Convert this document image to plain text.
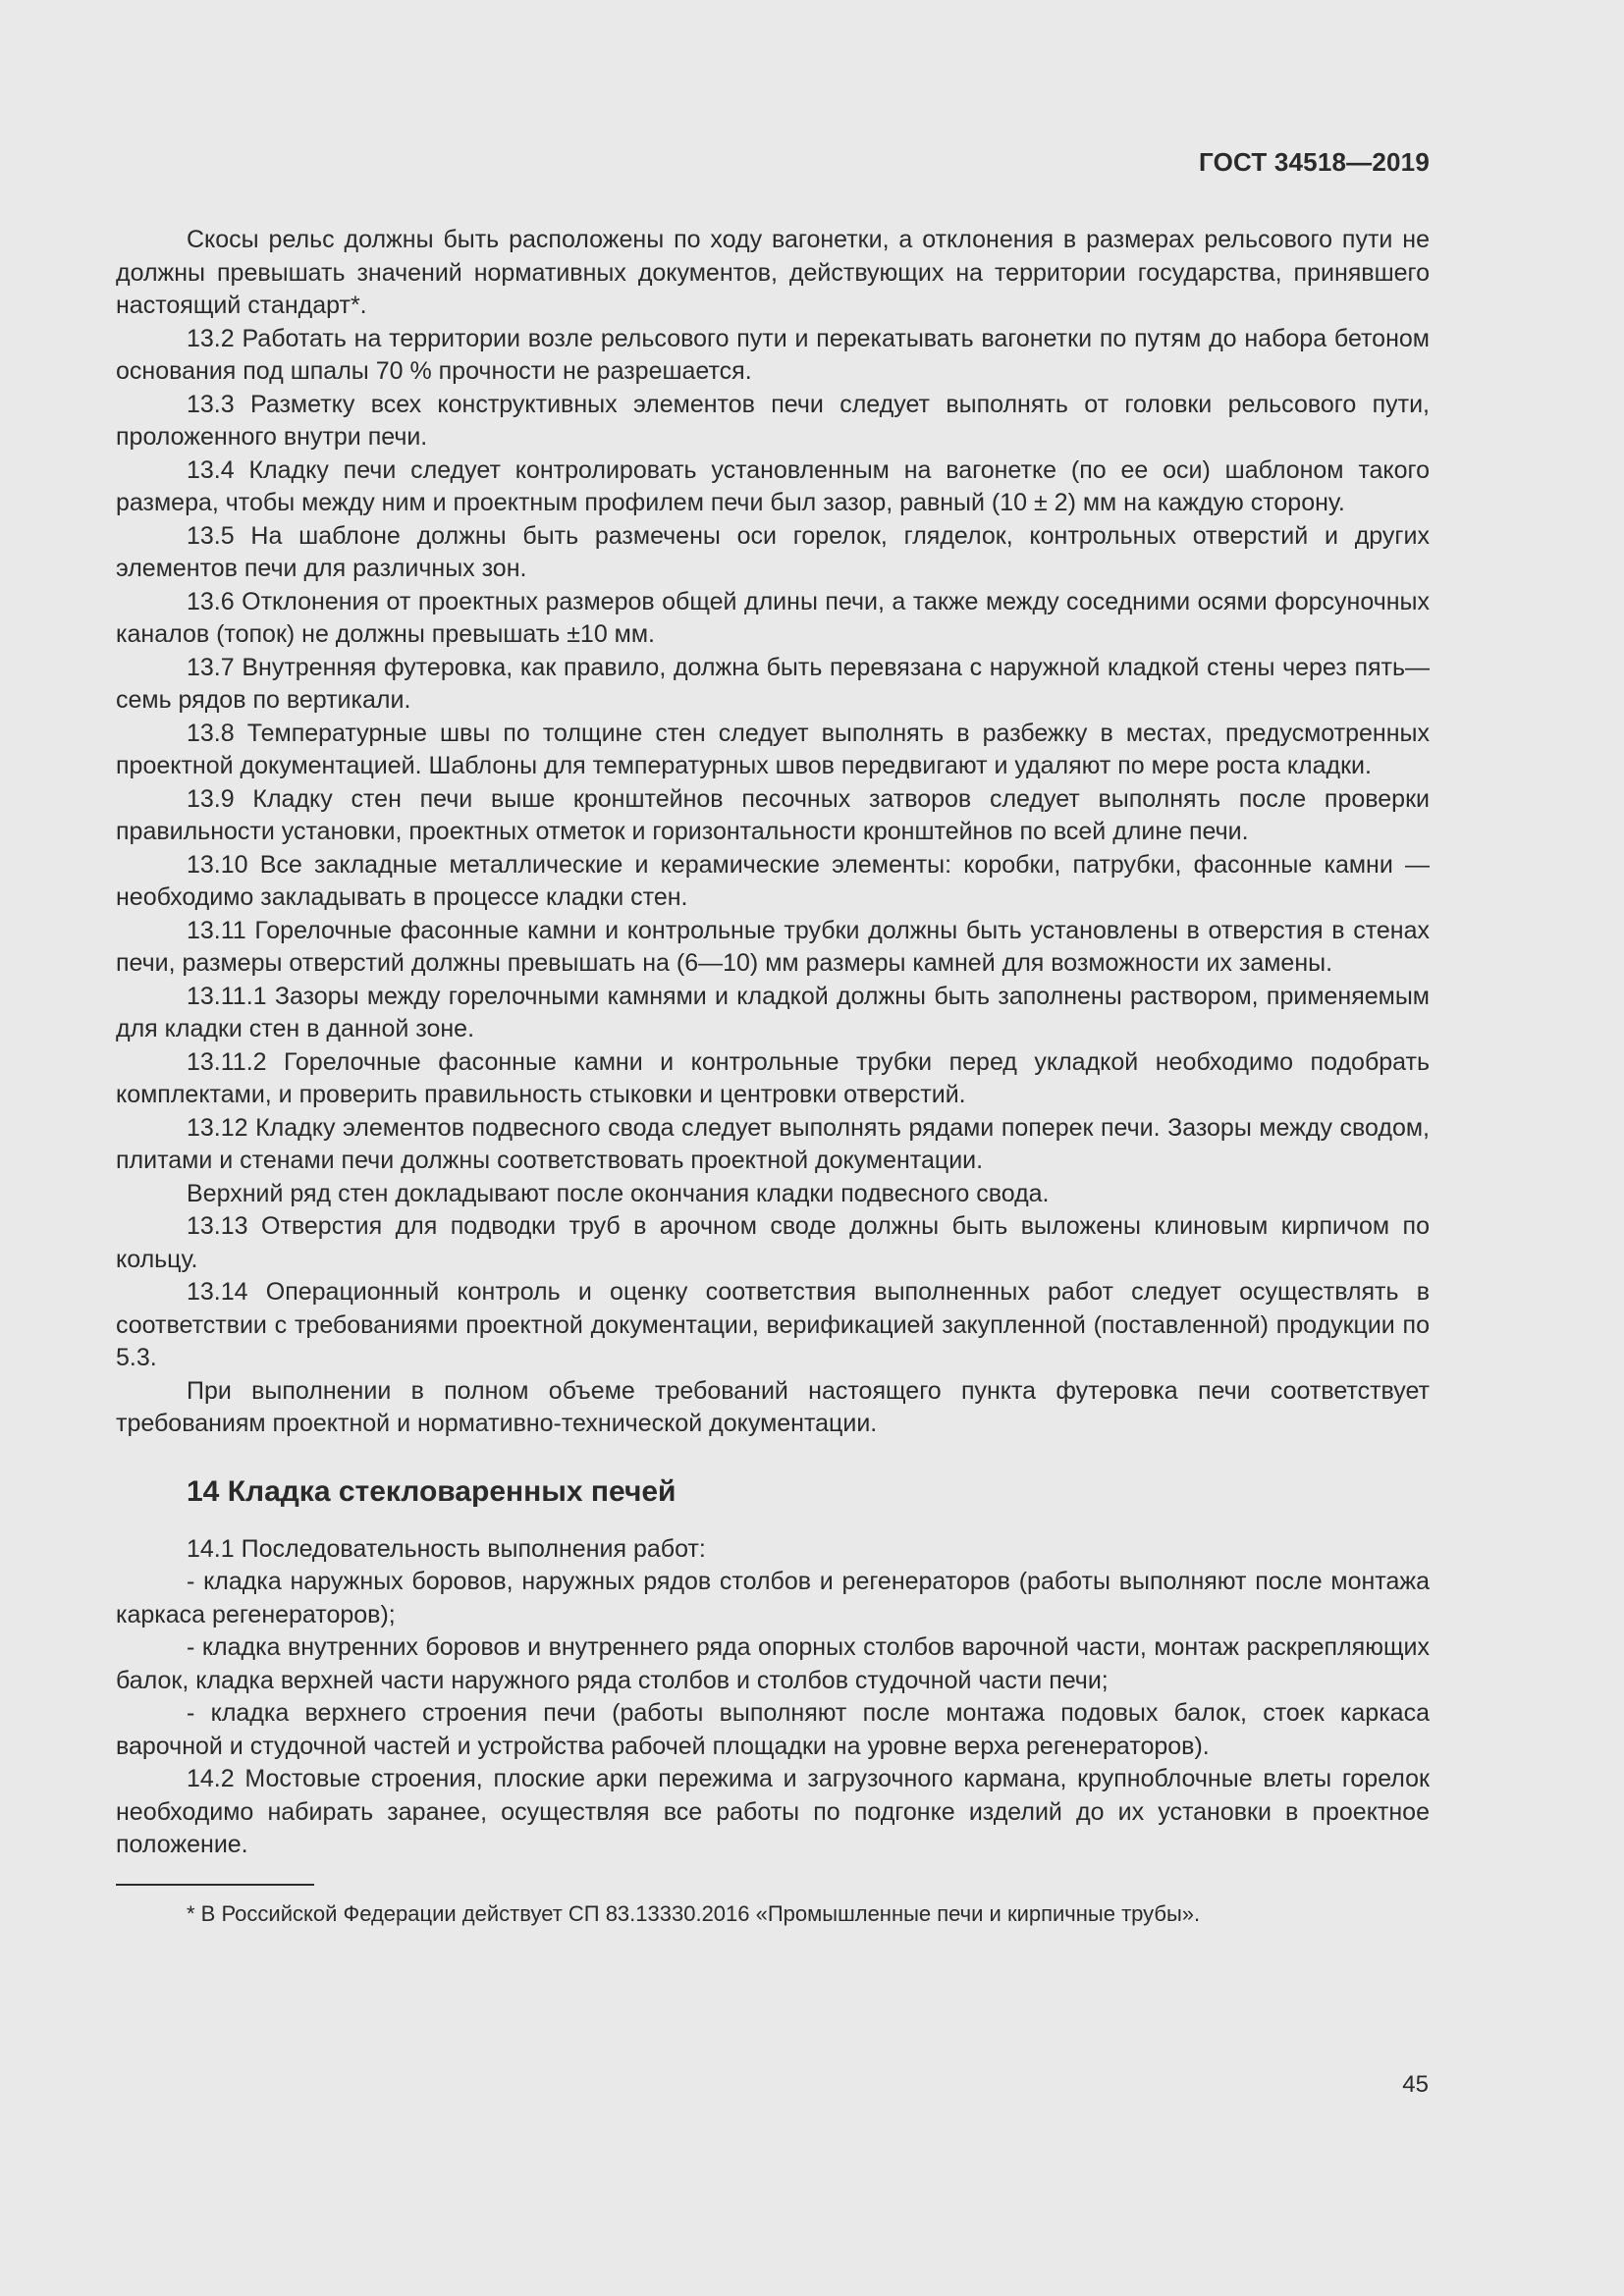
ГОСТ 34518—2019

Скосы рельс должны быть расположены по ходу вагонетки, а отклонения в размерах рельсового пути не должны превышать значений нормативных документов, действующих на территории государства, принявшего настоящий стандарт*.

13.2 Работать на территории возле рельсового пути и перекатывать вагонетки по путям до набора бетоном основания под шпалы 70 % прочности не разрешается.

13.3 Разметку всех конструктивных элементов печи следует выполнять от головки рельсового пути, проложенного внутри печи.

13.4 Кладку печи следует контролировать установленным на вагонетке (по ее оси) шаблоном такого размера, чтобы между ним и проектным профилем печи был зазор, равный (10 ± 2) мм на каждую сторону.

13.5 На шаблоне должны быть размечены оси горелок, гляделок, контрольных отверстий и других элементов печи для различных зон.

13.6 Отклонения от проектных размеров общей длины печи, а также между соседними осями форсуночных каналов (топок) не должны превышать ±10 мм.

13.7 Внутренняя футеровка, как правило, должна быть перевязана с наружной кладкой стены через пять—семь рядов по вертикали.

13.8 Температурные швы по толщине стен следует выполнять в разбежку в местах, предусмотренных проектной документацией. Шаблоны для температурных швов передвигают и удаляют по мере роста кладки.

13.9 Кладку стен печи выше кронштейнов песочных затворов следует выполнять после проверки правильности установки, проектных отметок и горизонтальности кронштейнов по всей длине печи.

13.10 Все закладные металлические и керамические элементы: коробки, патрубки, фасонные камни — необходимо закладывать в процессе кладки стен.

13.11 Горелочные фасонные камни и контрольные трубки должны быть установлены в отверстия в стенах печи, размеры отверстий должны превышать на (6—10) мм размеры камней для возможности их замены.

13.11.1 Зазоры между горелочными камнями и кладкой должны быть заполнены раствором, применяемым для кладки стен в данной зоне.

13.11.2 Горелочные фасонные камни и контрольные трубки перед укладкой необходимо подобрать комплектами, и проверить правильность стыковки и центровки отверстий.

13.12 Кладку элементов подвесного свода следует выполнять рядами поперек печи. Зазоры между сводом, плитами и стенами печи должны соответствовать проектной документации.

Верхний ряд стен докладывают после окончания кладки подвесного свода.

13.13 Отверстия для подводки труб в арочном своде должны быть выложены клиновым кирпичом по кольцу.

13.14 Операционный контроль и оценку соответствия выполненных работ следует осуществлять в соответствии с требованиями проектной документации, верификацией закупленной (поставленной) продукции по 5.3.

При выполнении в полном объеме требований настоящего пункта футеровка печи соответствует требованиям проектной и нормативно-технической документации.

14 Кладка стекловаренных печей

14.1 Последовательность выполнения работ:

- кладка наружных боровов, наружных рядов столбов и регенераторов (работы выполняют после монтажа каркаса регенераторов);

- кладка внутренних боровов и внутреннего ряда опорных столбов варочной части, монтаж раскрепляющих балок, кладка верхней части наружного ряда столбов и столбов студочной части печи;

- кладка верхнего строения печи (работы выполняют после монтажа подовых балок, стоек каркаса варочной и студочной частей и устройства рабочей площадки на уровне верха регенераторов).

14.2 Мостовые строения, плоские арки пережима и загрузочного кармана, крупноблочные влеты горелок необходимо набирать заранее, осуществляя все работы по подгонке изделий до их установки в проектное положение.

* В Российской Федерации действует СП 83.13330.2016 «Промышленные печи и кирпичные трубы».

45
